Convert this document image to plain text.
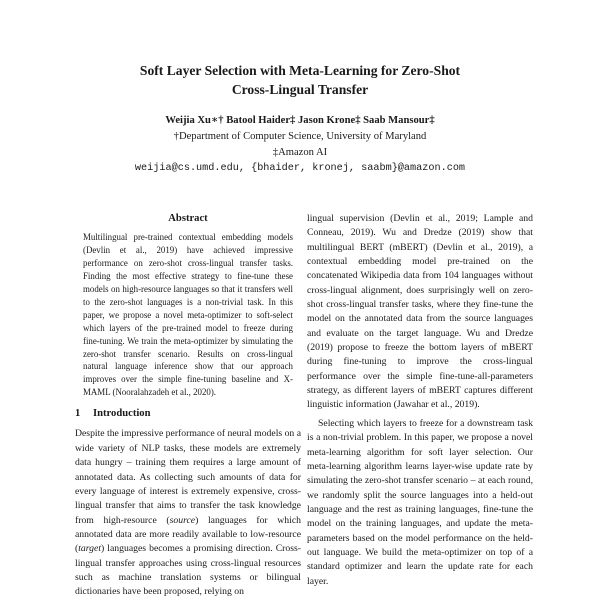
Soft Layer Selection with Meta-Learning for Zero-Shot
Cross-Lingual Transfer
Weijia Xu∗† Batool Haider‡ Jason Krone‡ Saab Mansour‡
†Department of Computer Science, University of Maryland
‡Amazon AI
weijia@cs.umd.edu, {bhaider, kronej, saabm}@amazon.com
Abstract

Multilingual pre-trained contextual embedding models (Devlin et al., 2019) have achieved impressive performance on zero-shot cross-lingual transfer tasks. Finding the most effective strategy to fine-tune these models on high-resource languages so that it transfers well to the zero-shot languages is a non-trivial task. In this paper, we propose a novel meta-optimizer to soft-select which layers of the pre-trained model to freeze during fine-tuning. We train the meta-optimizer by simulating the zero-shot transfer scenario. Results on cross-lingual natural language inference show that our approach improves over the simple fine-tuning baseline and X-MAML (Nooralahzadeh et al., 2020).

1 Introduction

Despite the impressive performance of neural models on a wide variety of NLP tasks, these models are extremely data hungry – training them requires a large amount of annotated data. As collecting such amounts of data for every language of interest is extremely expensive, cross-lingual transfer that aims to transfer the task knowledge from high-resource (source) languages for which annotated data are more readily available to low-resource (target) languages becomes a promising direction. Cross-lingual transfer approaches using cross-lingual resources such as machine translation systems or bilingual dictionaries have been proposed, relying on

lingual supervision (Devlin et al., 2019; Lample and Conneau, 2019). Wu and Dredze (2019) show that multilingual BERT (mBERT) (Devlin et al., 2019), a contextual embedding model pre-trained on the concatenated Wikipedia data from 104 languages without cross-lingual alignment, does surprisingly well on zero-shot cross-lingual transfer tasks, where they fine-tune the model on the annotated data from the source languages and evaluate on the target language. Wu and Dredze (2019) propose to freeze the bottom layers of mBERT during fine-tuning to improve the cross-lingual performance over the simple fine-tune-all-parameters strategy, as different layers of mBERT captures different linguistic information (Jawahar et al., 2019).

Selecting which layers to freeze for a downstream task is a non-trivial problem. In this paper, we propose a novel meta-learning algorithm for soft layer selection. Our meta-learning algorithm learns layer-wise update rate by simulating the zero-shot transfer scenario – at each round, we randomly split the source languages into a held-out language and the rest as training languages, fine-tune the model on the training languages, and update the meta-parameters based on the model performance on the held-out language. We build the meta-optimizer on top of a standard optimizer and learn the update rate for each layer.
